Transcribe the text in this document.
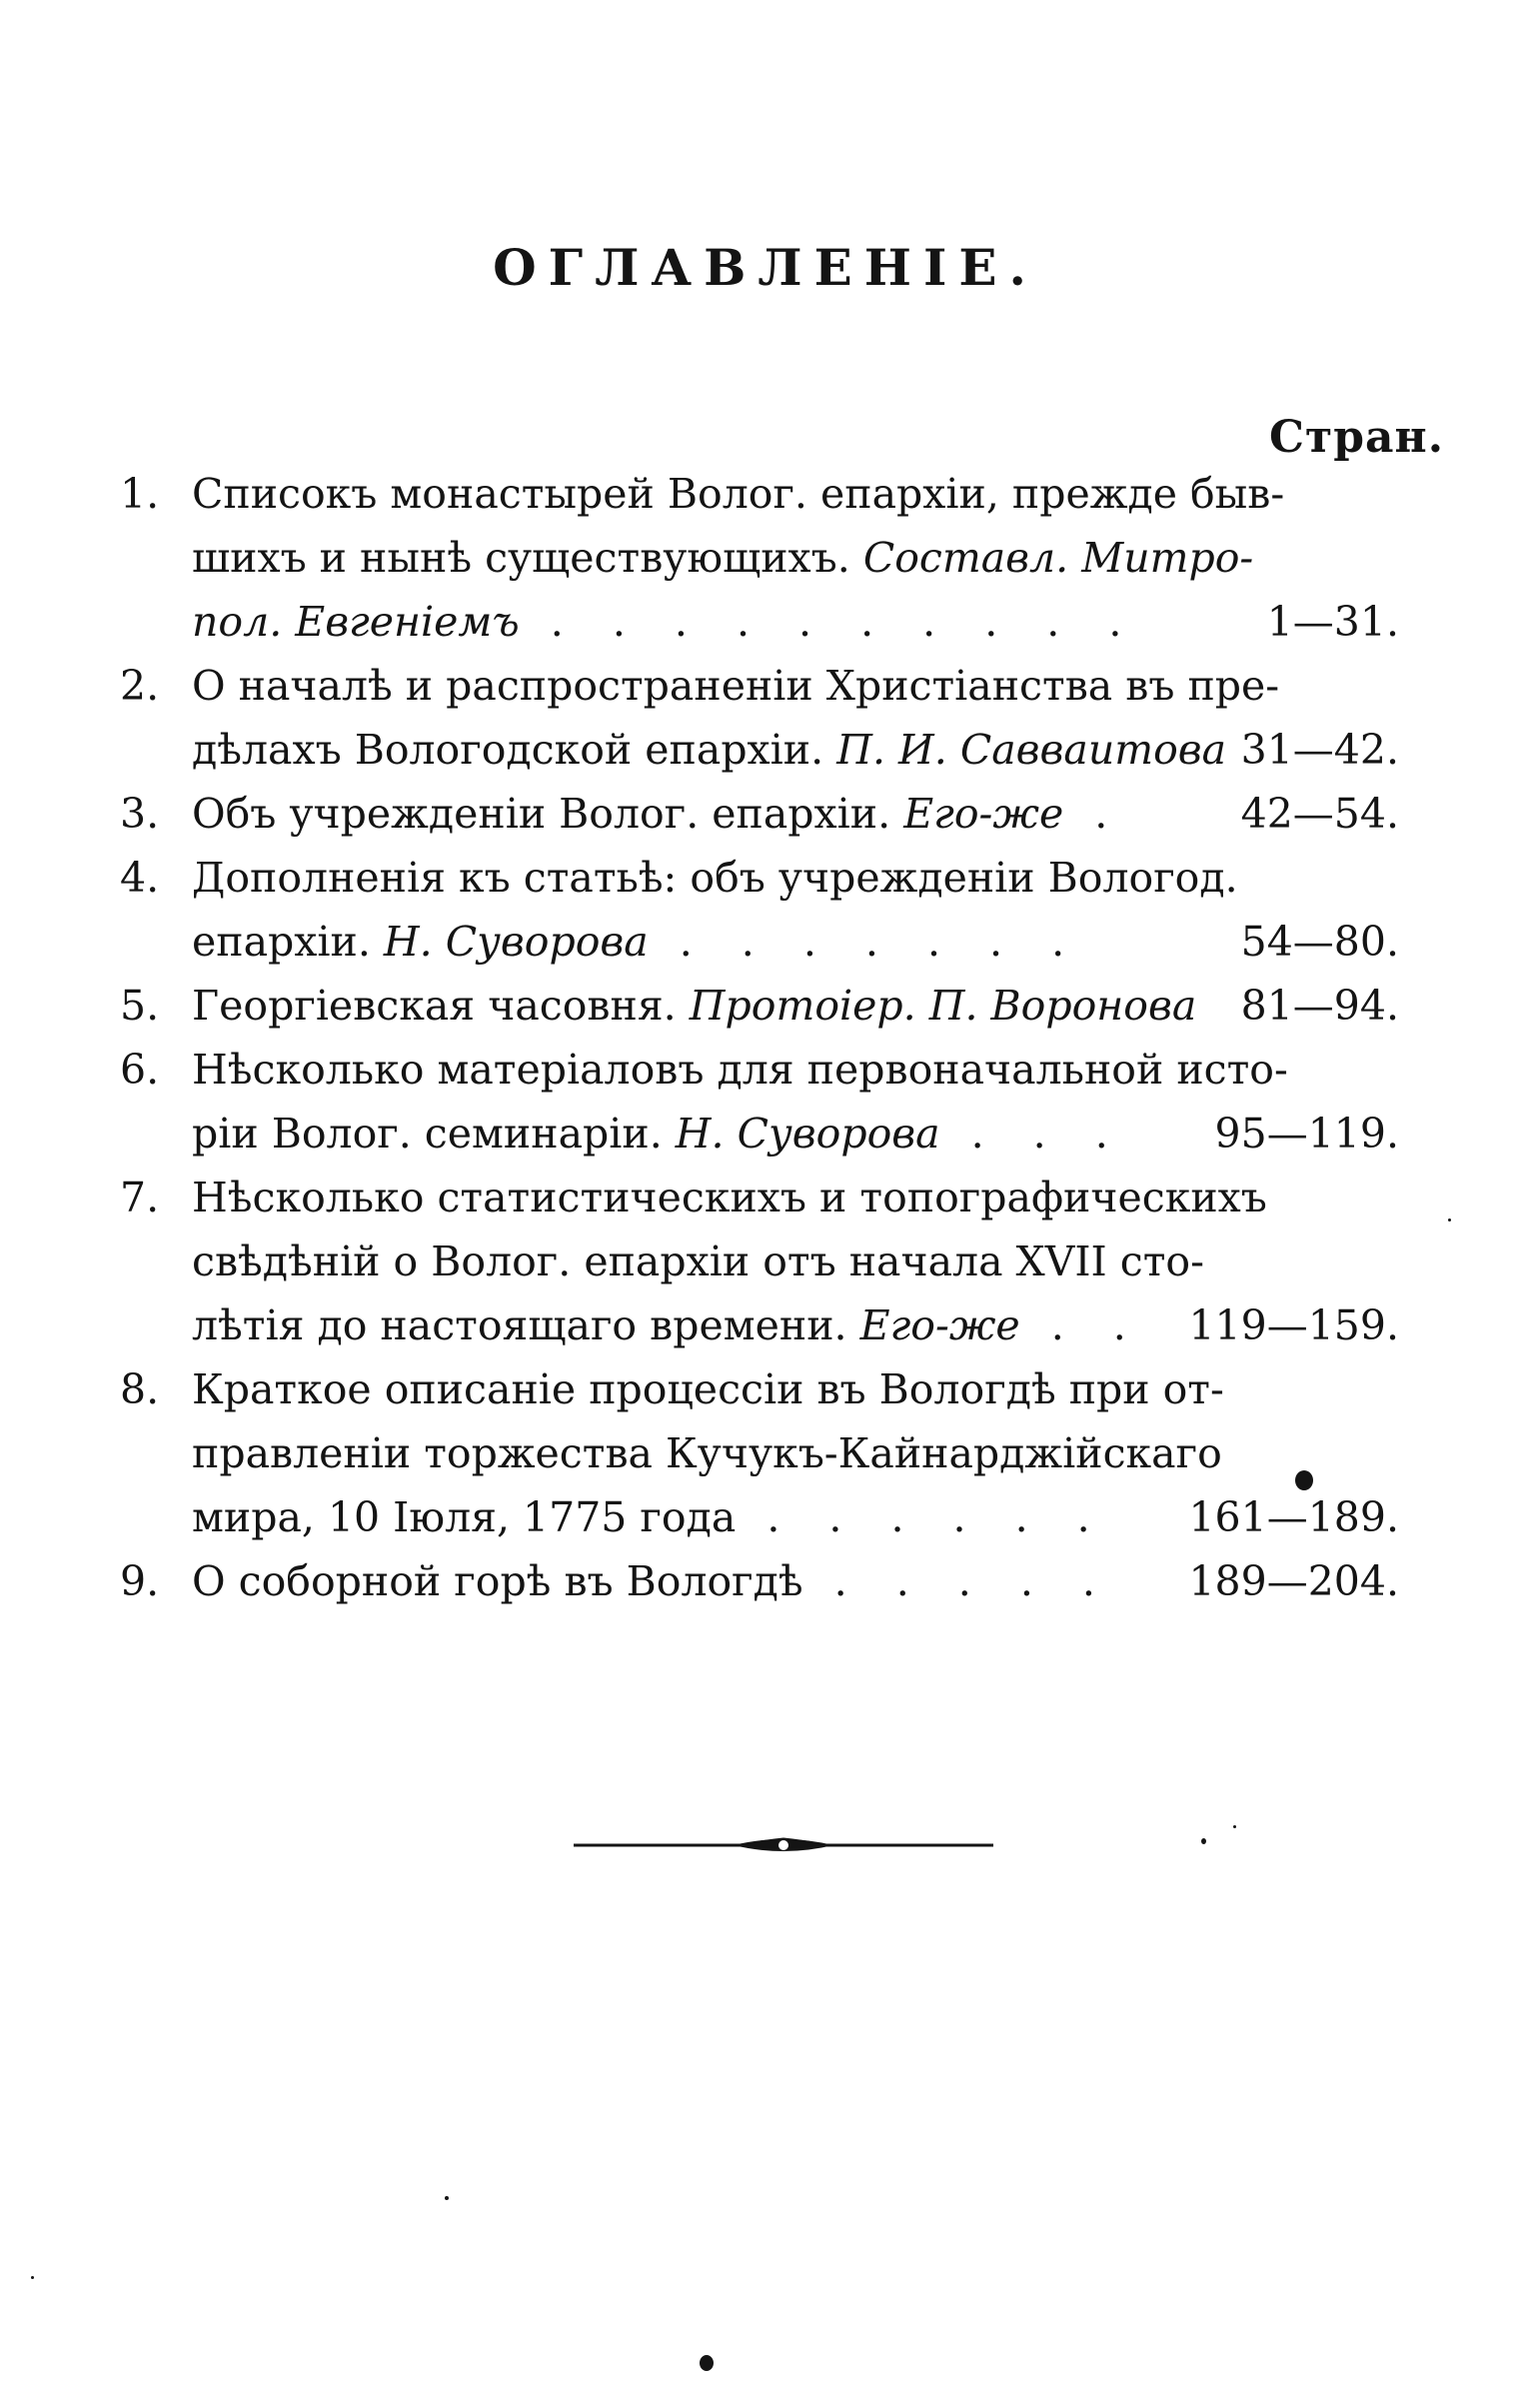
ОГЛАВЛЕНІЕ.
Стран.
1. Списокъ монастырей Волог. епархіи, прежде быв-
шихъ и нынѣ существующихъ. Составл. Митро-
пол. Евгеніемъ . . . . . . . . . .	1—31.
2. О началѣ и распространеніи Христіанства въ пре-
дѣлахъ Вологодской епархіи. П. И. Савваитова 31—42.
3. Объ учрежденіи Волог. епархіи. Его-же .	42—54.
4. Дополненія къ статьѣ: объ учрежденіи Вологод.
епархіи. Н. Суворова . . . . . . .	54—80.
5. Георгіевская часовня. Протоіер. П. Воронова	81—94.
6. Нѣсколько матеріаловъ для первоначальной исто-
ріи Волог. семинаріи. Н. Суворова . . .	95—119.
7. Нѣсколько статистическихъ и топографическихъ
свѣдѣній о Волог. епархіи отъ начала XVII сто-
лѣтія до настоящаго времени. Его-же . .	119—159.
8. Краткое описаніе процессіи въ Вологдѣ при от-
правленіи торжества Кучукъ-Кайнарджійскаго
мира, 10 Іюля, 1775 года . . . . . .	161—189.
9. О соборной горѣ въ Вологдѣ . . . . .	189—204.
